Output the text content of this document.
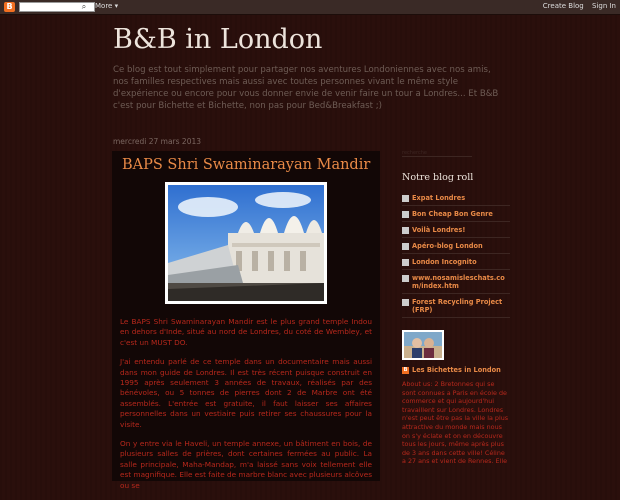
B	⌕ More ▾	Create Blog Sign In
B&B in London
Ce blog est tout simplement pour partager nos aventures Londoniennes avec nos amis, nos familles respectives mais aussi avec toutes personnes vivant le même style d'expérience ou encore pour vous donner envie de venir faire un tour a Londres... Et B&B c'est pour Bichette et Bichette, non pas pour Bed&Breakfast ;)
mercredi 27 mars 2013
BAPS Shri Swaminarayan Mandir

Le BAPS Shri Swaminarayan Mandir est le plus grand temple Indou en dehors d'Inde, situé au nord de Londres, du coté de Wembley, et c'est un MUST DO.

J'ai entendu parlé de ce temple dans un documentaire mais aussi dans mon guide de Londres. Il est très récent puisque construit en 1995 après seulement 3 années de travaux, réalisés par des bénévoles, ou 5 tonnes de pierres dont 2 de Marbre ont été assemblés. L'entrée est gratuite, il faut laisser ses affaires personnelles dans un vestiaire puis retirer ses chaussures pour la visite.

On y entre via le Haveli, un temple annexe, un bâtiment en bois, de plusieurs salles de prières, dont certaines fermées au public. La salle principale, Maha-Mandap, m'a laissé sans voix tellement elle est magnifique. Elle est faite de marbre blanc avec plusieurs alcôves ou se

recherche
Notre blog roll
Expat Londres
Bon Cheap Bon Genre
Voilà Londres!
Apéro-blog London
London Incognito
www.nosamisleschats.com/index.htm
Forest Recycling Project (FRP)
B Les Bichettes in London
About us: 2 Bretonnes qui se sont connues a Paris en école de commerce et qui aujourd'hui travaillent sur Londres. Londres n'est peut être pas la ville la plus attractive du monde mais nous on s'y éclate et on en découvre tous les jours, même après plus de 3 ans dans cette ville! Céline a 27 ans et vient de Rennes. Elle
